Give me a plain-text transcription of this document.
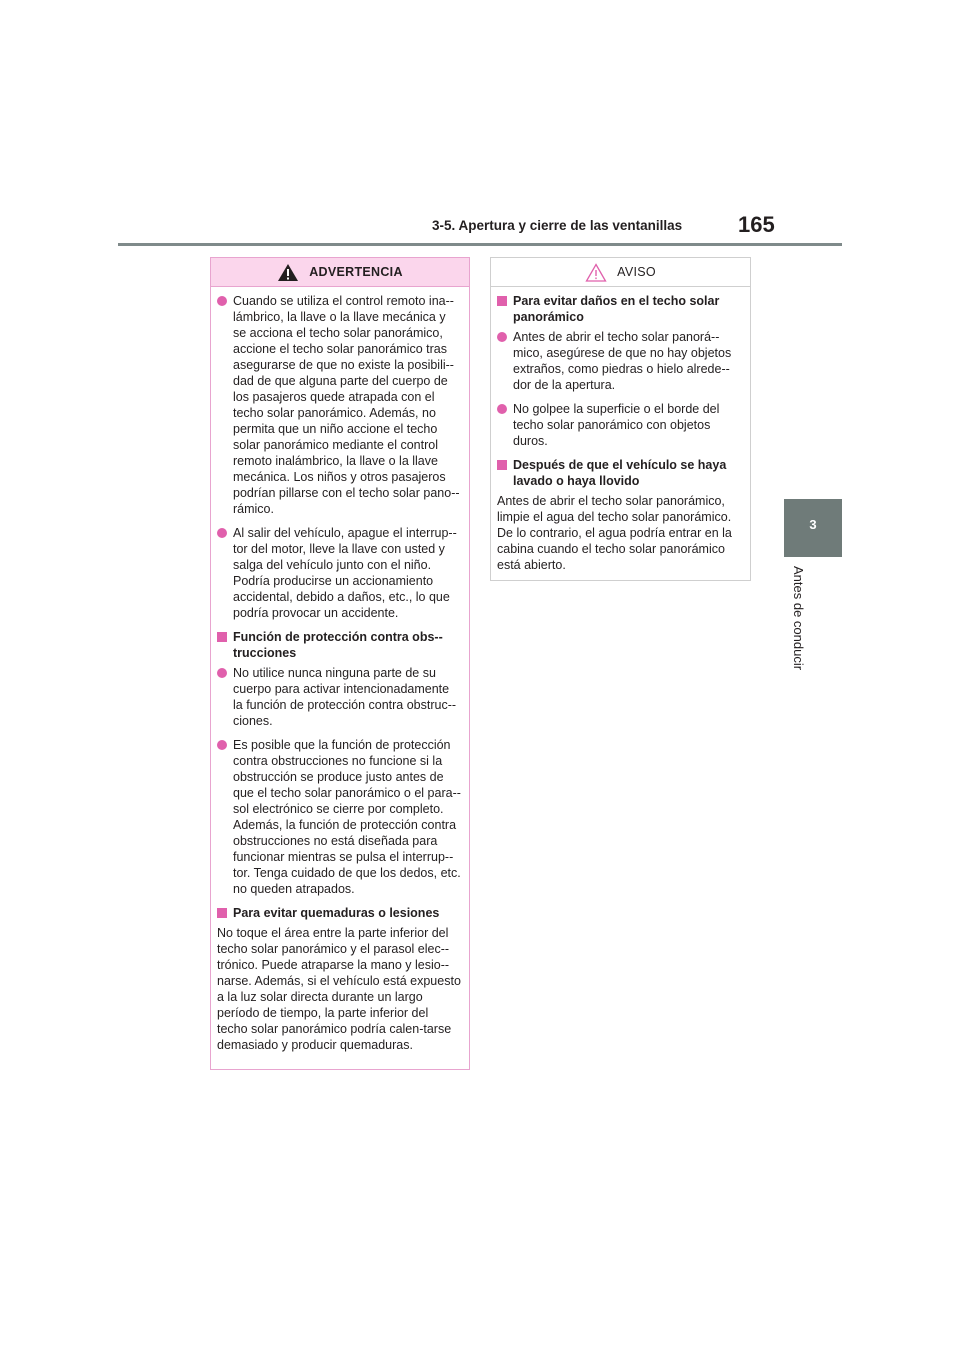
3-5. Apertura y cierre de las ventanillas	165
3
Antes de conducir
ADVERTENCIA
Cuando se utiliza el control remoto ina-lámbrico, la llave o la llave mecánica y se acciona el techo solar panorámico, accione el techo solar panorámico tras asegurarse de que no existe la posibili-dad de que alguna parte del cuerpo de los pasajeros quede atrapada con el techo solar panorámico. Además, no permita que un niño accione el techo solar panorámico mediante el control remoto inalámbrico, la llave o la llave mecánica. Los niños y otros pasajeros podrían pillarse con el techo solar pano-rámico.
Al salir del vehículo, apague el interrup-tor del motor, lleve la llave con usted y salga del vehículo junto con el niño. Podría producirse un accionamiento accidental, debido a daños, etc., lo que podría provocar un accidente.
Función de protección contra obs-trucciones
No utilice nunca ninguna parte de su cuerpo para activar intencionadamente la función de protección contra obstruc-ciones.
Es posible que la función de protección contra obstrucciones no funcione si la obstrucción se produce justo antes de que el techo solar panorámico o el para-sol electrónico se cierre por completo. Además, la función de protección contra obstrucciones no está diseñada para funcionar mientras se pulsa el interrup-tor. Tenga cuidado de que los dedos, etc. no queden atrapados.
Para evitar quemaduras o lesiones
No toque el área entre la parte inferior del techo solar panorámico y el parasol elec-trónico. Puede atraparse la mano y lesio-narse. Además, si el vehículo está expuesto a la luz solar directa durante un largo período de tiempo, la parte inferior del techo solar panorámico podría calen-tarse demasiado y producir quemaduras.
AVISO
Para evitar daños en el techo solar panorámico
Antes de abrir el techo solar panorá-mico, asegúrese de que no hay objetos extraños, como piedras o hielo alrede-dor de la apertura.
No golpee la superficie o el borde del techo solar panorámico con objetos duros.
Después de que el vehículo se haya lavado o haya llovido
Antes de abrir el techo solar panorámico, limpie el agua del techo solar panorámico. De lo contrario, el agua podría entrar en la cabina cuando el techo solar panorámico está abierto.
